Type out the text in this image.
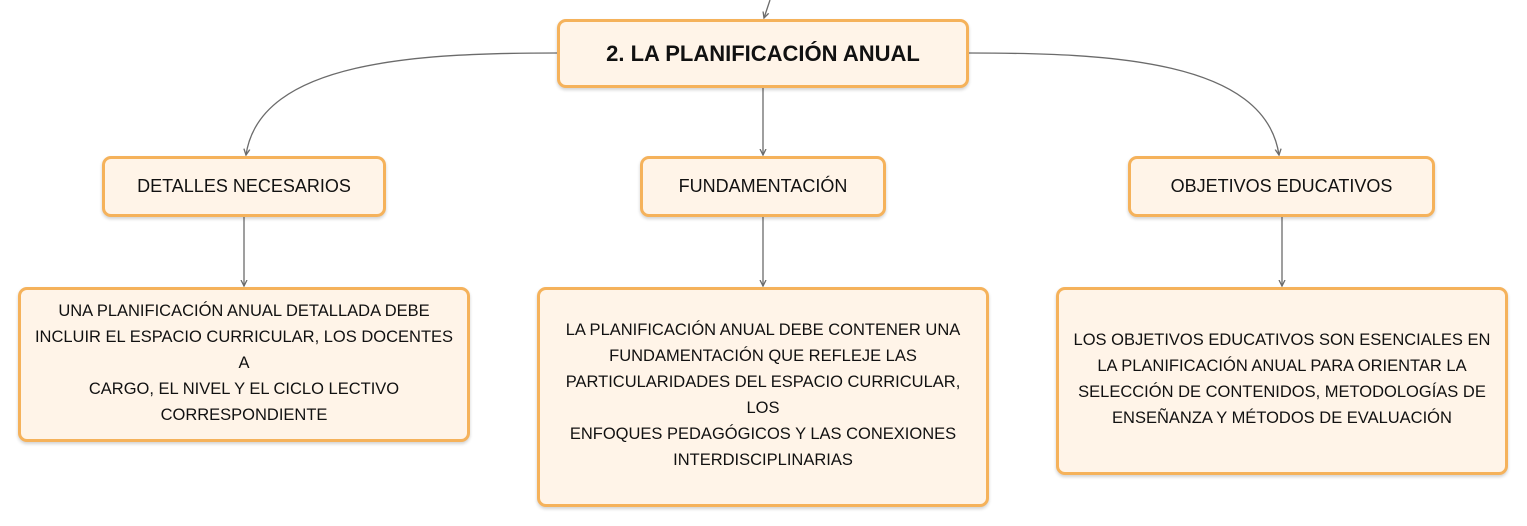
2. LA PLANIFICACIÓN ANUAL
DETALLES NECESARIOS	FUNDAMENTACIÓN	OBJETIVOS EDUCATIVOS
UNA PLANIFICACIÓN ANUAL DETALLADA DEBE
INCLUIR EL ESPACIO CURRICULAR, LOS DOCENTES A
CARGO, EL NIVEL Y EL CICLO LECTIVO
CORRESPONDIENTE
LA PLANIFICACIÓN ANUAL DEBE CONTENER UNA
FUNDAMENTACIÓN QUE REFLEJE LAS
PARTICULARIDADES DEL ESPACIO CURRICULAR, LOS
ENFOQUES PEDAGÓGICOS Y LAS CONEXIONES
INTERDISCIPLINARIAS
LOS OBJETIVOS EDUCATIVOS SON ESENCIALES EN
LA PLANIFICACIÓN ANUAL PARA ORIENTAR LA
SELECCIÓN DE CONTENIDOS, METODOLOGÍAS DE
ENSEÑANZA Y MÉTODOS DE EVALUACIÓN
